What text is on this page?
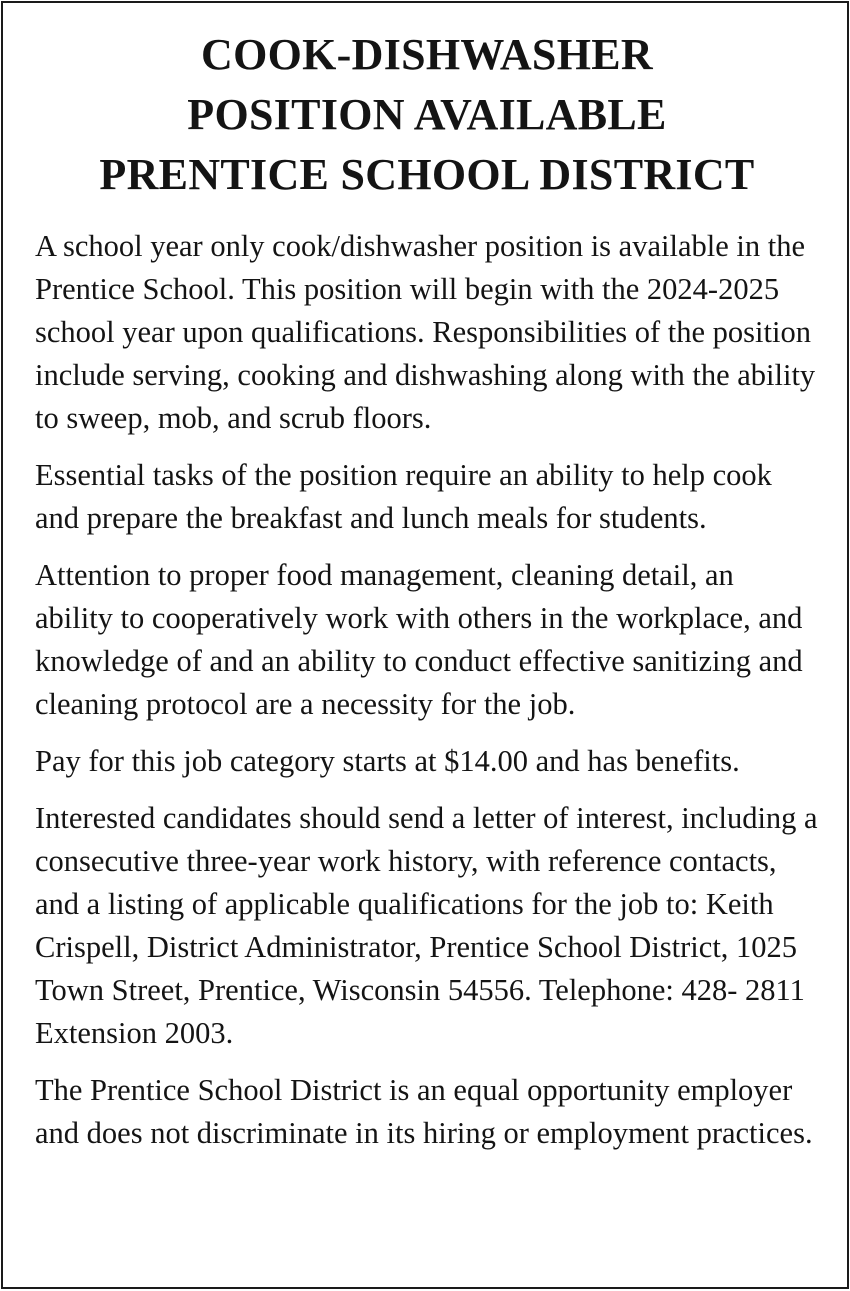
COOK-DISHWASHER
POSITION AVAILABLE
PRENTICE SCHOOL DISTRICT

A school year only cook/dishwasher position is available in the Prentice School. This position will begin with the 2024-2025 school year upon qualifications. Responsibilities of the position include serving, cooking and dishwashing along with the ability to sweep, mob, and scrub floors.

Essential tasks of the position require an ability to help cook and prepare the breakfast and lunch meals for students.

Attention to proper food management, cleaning detail, an ability to cooperatively work with others in the workplace, and knowledge of and an ability to conduct effective sanitizing and cleaning protocol are a necessity for the job.

Pay for this job category starts at $14.00 and has benefits.

Interested candidates should send a letter of interest, including a consecutive three-year work history, with reference contacts, and a listing of applicable qualifications for the job to: Keith Crispell, District Administrator, Prentice School District, 1025 Town Street, Prentice, Wisconsin 54556. Telephone: 428- 2811 Extension 2003.

The Prentice School District is an equal opportunity employer and does not discriminate in its hiring or employment practices.
